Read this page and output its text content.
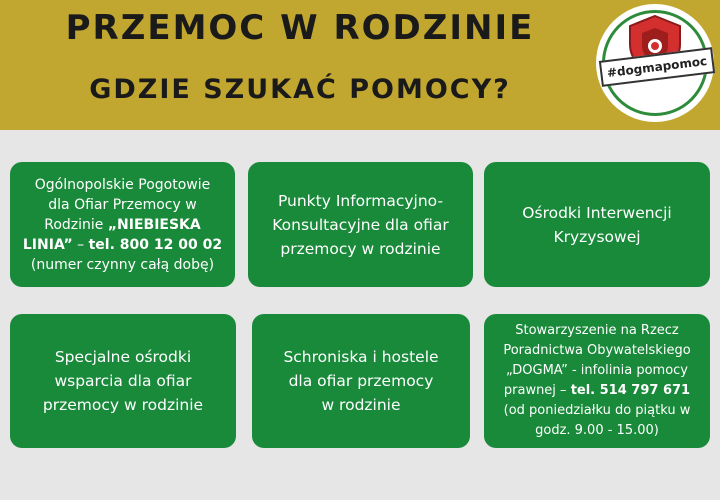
PRZEMOC W RODZINIE
GDZIE SZUKAĆ POMOCY?
#dogmapomoc
Ogólnopolskie Pogotowie
dla Ofiar Przemocy w
Rodzinie „NIEBIESKA
LINIA” – tel. 800 12 00 02
(numer czynny całą dobę)
Punkty Informacyjno-
Konsultacyjne dla ofiar
przemocy w rodzinie
Ośrodki Interwencji
Kryzysowej
Specjalne ośrodki
wsparcia dla ofiar
przemocy w rodzinie
Schroniska i hostele
dla ofiar przemocy
w rodzinie
Stowarzyszenie na Rzecz
Poradnictwa Obywatelskiego
„DOGMA” - infolinia pomocy
prawnej – tel. 514 797 671
(od poniedziałku do piątku w
godz. 9.00 - 15.00)
